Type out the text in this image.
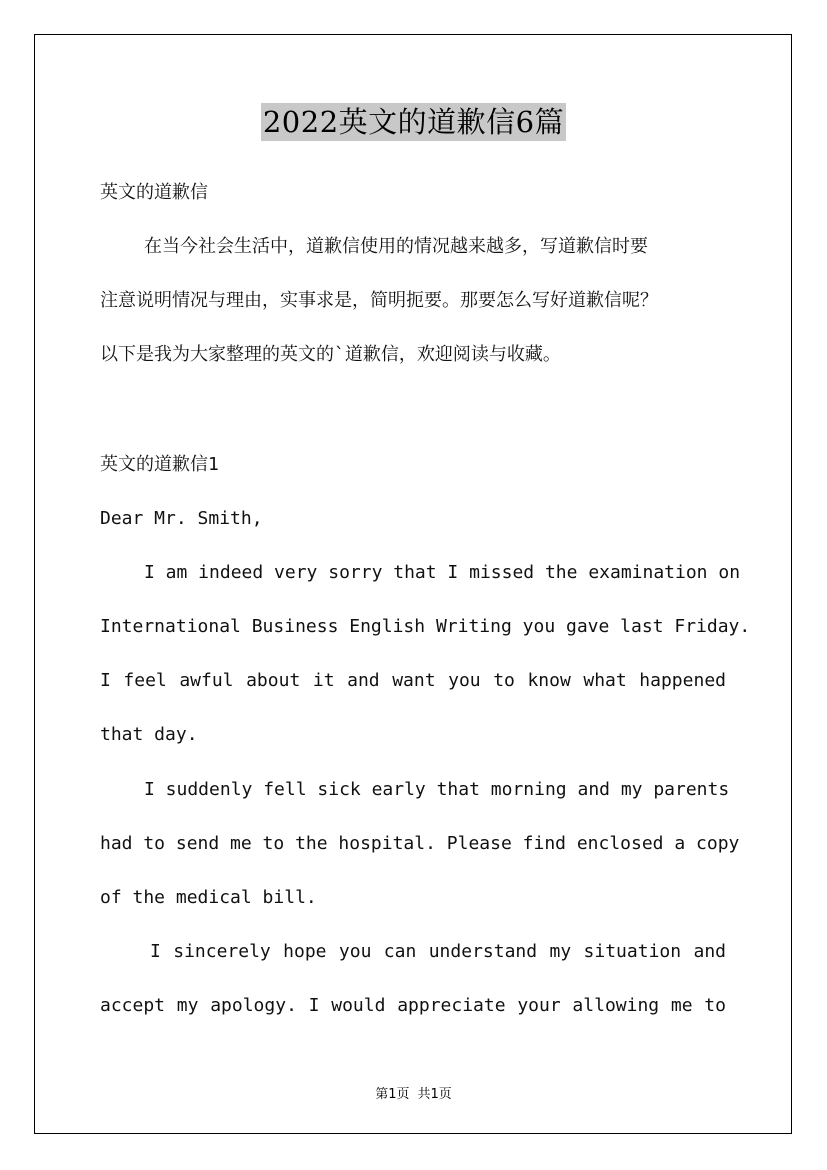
2022英文的道歉信6篇
英文的道歉信
在当今社会生活中，道歉信使用的情况越来越多，写道歉信时要
注意说明情况与理由，实事求是，简明扼要。那要怎么写好道歉信呢？
以下是我为大家整理的英文的`道歉信，欢迎阅读与收藏。
英文的道歉信1
Dear Mr. Smith,
I am indeed very sorry that I missed the examination on
International Business English Writing you gave last Friday.
I feel awful about it and want you to know what happened
that day.
I suddenly fell sick early that morning and my parents
had to send me to the hospital. Please find enclosed a copy
of the medical bill.
I sincerely hope you can understand my situation and
accept my apology. I would appreciate your allowing me to
第1页 共1页
